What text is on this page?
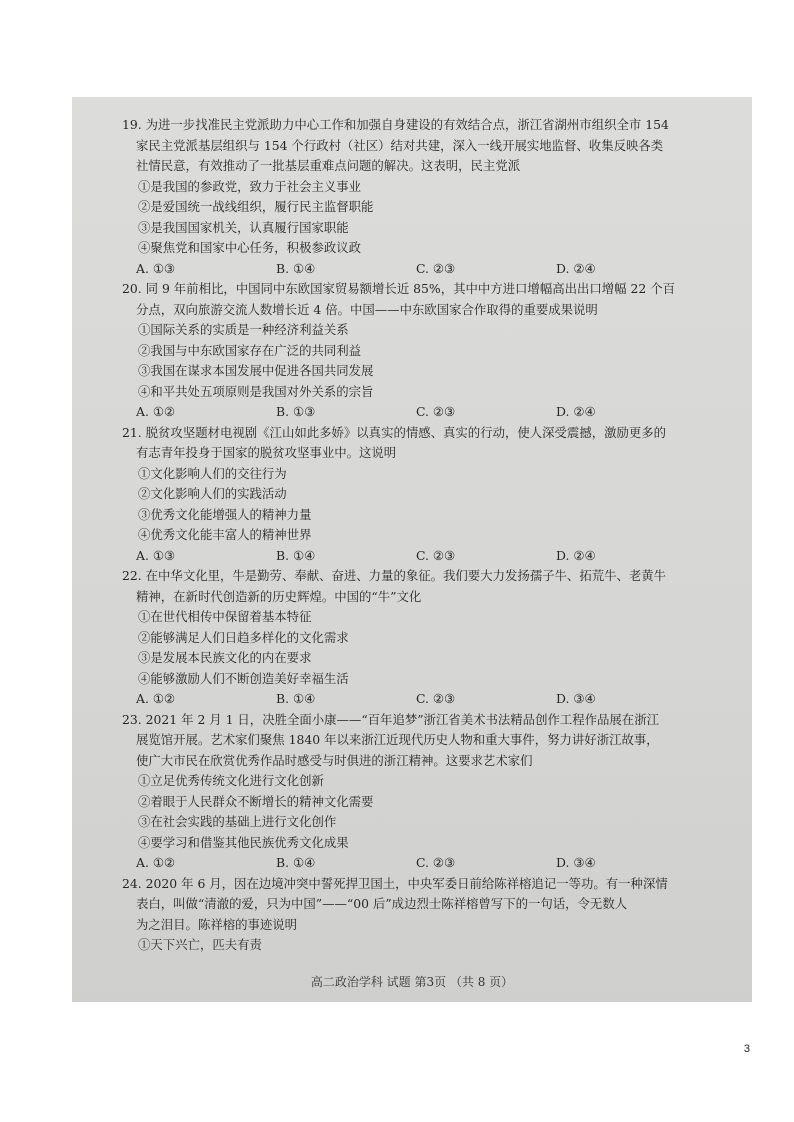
19. 为进一步找准民主党派助力中心工作和加强自身建设的有效结合点，浙江省湖州市组织全市 154

家民主党派基层组织与 154 个行政村（社区）结对共建，深入一线开展实地监督、收集反映各类

社情民意，有效推动了一批基层重难点问题的解决。这表明，民主党派

①是我国的参政党，致力于社会主义事业

②是爱国统一战线组织，履行民主监督职能

③是我国国家机关，认真履行国家职能

④聚焦党和国家中心任务，积极参政议政

A. ①③	B. ①④	C. ②③	D. ②④

20. 同 9 年前相比，中国同中东欧国家贸易额增长近 85%，其中中方进口增幅高出出口增幅 22 个百

分点，双向旅游交流人数增长近 4 倍。中国——中东欧国家合作取得的重要成果说明

①国际关系的实质是一种经济利益关系

②我国与中东欧国家存在广泛的共同利益

③我国在谋求本国发展中促进各国共同发展

④和平共处五项原则是我国对外关系的宗旨

A. ①②	B. ①③	C. ②③	D. ②④

21. 脱贫攻坚题材电视剧《江山如此多娇》以真实的情感、真实的行动，使人深受震撼，激励更多的

有志青年投身于国家的脱贫攻坚事业中。这说明

①文化影响人们的交往行为

②文化影响人们的实践活动

③优秀文化能增强人的精神力量

④优秀文化能丰富人的精神世界

A. ①③	B. ①④	C. ②③	D. ②④

22. 在中华文化里，牛是勤劳、奉献、奋进、力量的象征。我们要大力发扬孺子牛、拓荒牛、老黄牛

精神，在新时代创造新的历史辉煌。中国的“牛”文化

①在世代相传中保留着基本特征

②能够满足人们日趋多样化的文化需求

③是发展本民族文化的内在要求

④能够激励人们不断创造美好幸福生活

A. ①②	B. ①④	C. ②③	D. ③④

23. 2021 年 2 月 1 日，决胜全面小康——“百年追梦”浙江省美术书法精品创作工程作品展在浙江

展览馆开展。艺术家们聚焦 1840 年以来浙江近现代历史人物和重大事件，努力讲好浙江故事，

使广大市民在欣赏优秀作品时感受与时俱进的浙江精神。这要求艺术家们

①立足优秀传统文化进行文化创新

②着眼于人民群众不断增长的精神文化需要

③在社会实践的基础上进行文化创作

④要学习和借鉴其他民族优秀文化成果

A. ①②	B. ①④	C. ②③	D. ③④

24. 2020 年 6 月，因在边境冲突中誓死捍卫国土，中央军委日前给陈祥榕追记一等功。有一种深情

表白，叫做“清澈的爱，只为中国”——“00 后”成边烈士陈祥榕曾写下的一句话，令无数人

为之泪目。陈祥榕的事迹说明

①天下兴亡，匹夫有责

高二政治学科 试题 第3页 （共 8 页）
3
